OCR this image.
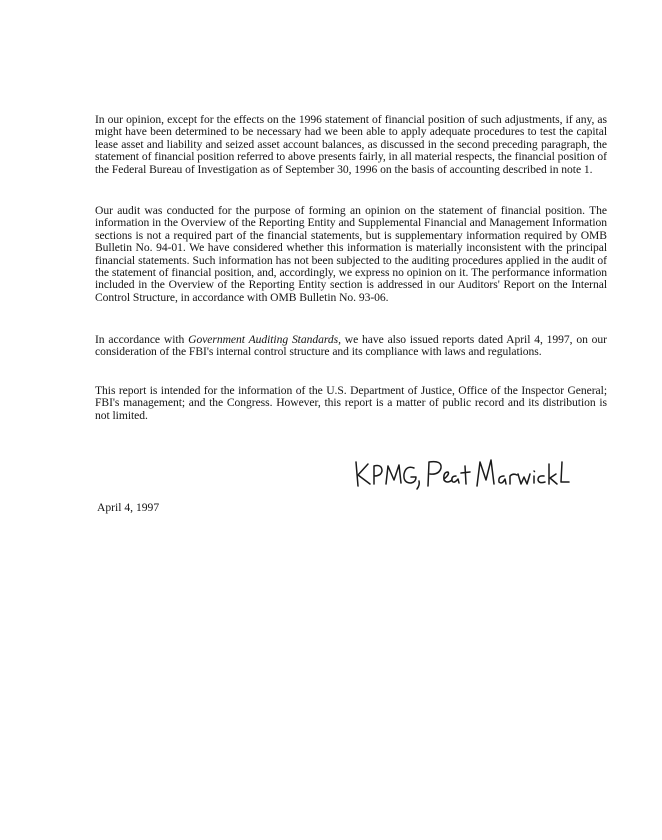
In our opinion, except for the effects on the 1996 statement of financial position of such adjustments, if any, as might have been determined to be necessary had we been able to apply adequate procedures to test the capital lease asset and liability and seized asset account balances, as discussed in the second preceding paragraph, the statement of financial position referred to above presents fairly, in all material respects, the financial position of the Federal Bureau of Investigation as of September 30, 1996 on the basis of accounting described in note 1.

Our audit was conducted for the purpose of forming an opinion on the statement of financial position. The information in the Overview of the Reporting Entity and Supplemental Financial and Management Information sections is not a required part of the financial statements, but is supplementary information required by OMB Bulletin No. 94-01. We have considered whether this information is materially inconsistent with the principal financial statements. Such information has not been subjected to the auditing procedures applied in the audit of the statement of financial position, and, accordingly, we express no opinion on it. The performance information included in the Overview of the Reporting Entity section is addressed in our Auditors' Report on the Internal Control Structure, in accordance with OMB Bulletin No. 93-06.

In accordance with Government Auditing Standards, we have also issued reports dated April 4, 1997, on our consideration of the FBI's internal control structure and its compliance with laws and regulations.

This report is intended for the information of the U.S. Department of Justice, Office of the Inspector General; FBI's management; and the Congress. However, this report is a matter of public record and its distribution is not limited.

April 4, 1997
